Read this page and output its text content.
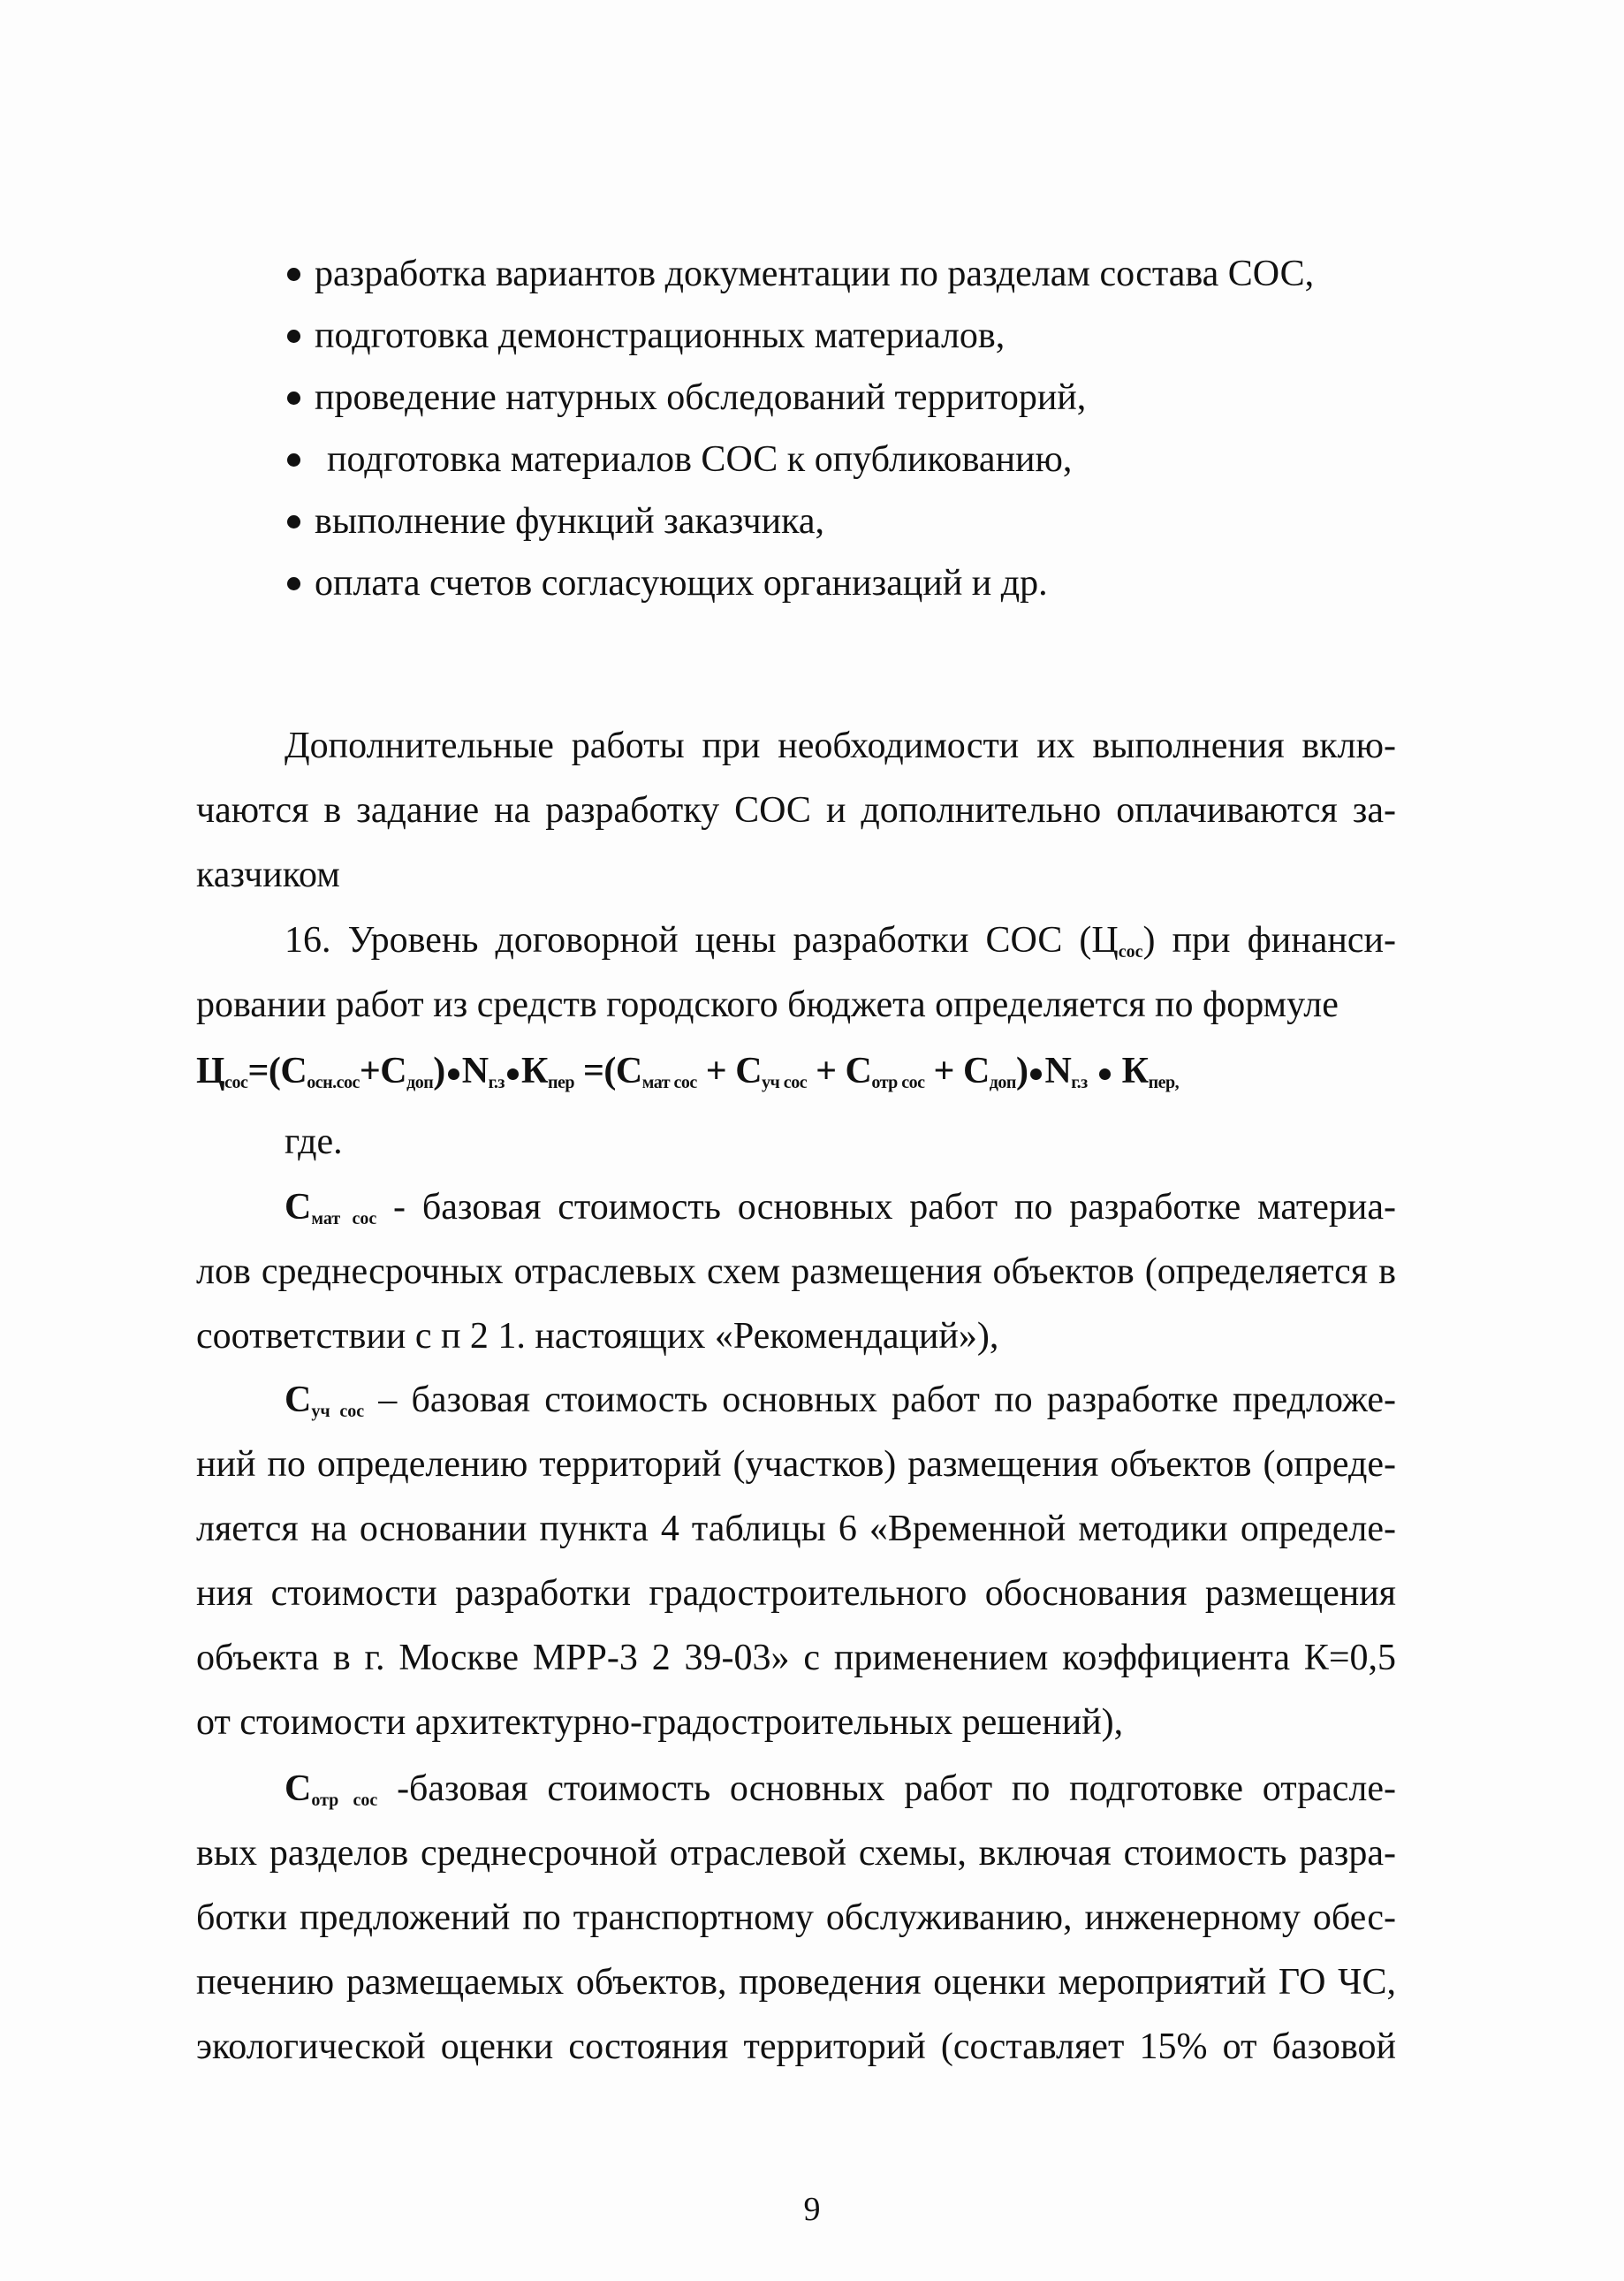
разработка вариантов документации по разделам состава СОС,
подготовка демонстрационных материалов,
проведение натурных обследований территорий,
подготовка материалов СОС к опубликованию,
выполнение функций заказчика,
оплата счетов согласующих организаций и др.
Дополнительные работы при необходимости их выполнения вклю-
чаются в задание на разработку СОС и дополнительно оплачиваются за-
казчиком
16. Уровень договорной цены разработки СОС $(Ц_{сос})$ при финанси-
ровании работ из средств городского бюджета определяется по формуле
$Ц_{сос}=(С_{осн.сос}+С_{доп})$ $N_{г.з}$ $К_{пер} =(С_{мат сос} + С_{уч сос} + С_{отр сос} + С_{доп})$ $N_{г.з}$  $К_{пер,}$
где.
$С_{мат сос}$ - базовая стоимость основных работ по разработке материа-
лов среднесрочных отраслевых схем размещения объектов (определяется в
соответствии с п 2 1. настоящих «Рекомендаций»),
$С_{уч сос}$ – базовая стоимость основных работ по разработке предложе-
ний по определению территорий (участков) размещения объектов (опреде-
ляется на основании пункта 4 таблицы 6 «Временной методики определе-
ния стоимости разработки градостроительного обоснования размещения
объекта в г. Москве МРР-3 2 39-03» с применением коэффициента К=0,5
от стоимости архитектурно-градостроительных решений),
$С_{отр сос}$ -базовая стоимость основных работ по подготовке отрасле-
вых разделов среднесрочной отраслевой схемы, включая стоимость разра-
ботки предложений по транспортному обслуживанию, инженерному обес-
печению размещаемых объектов, проведения оценки мероприятий ГО ЧС,
экологической оценки состояния территорий (составляет 15% от базовой
9
